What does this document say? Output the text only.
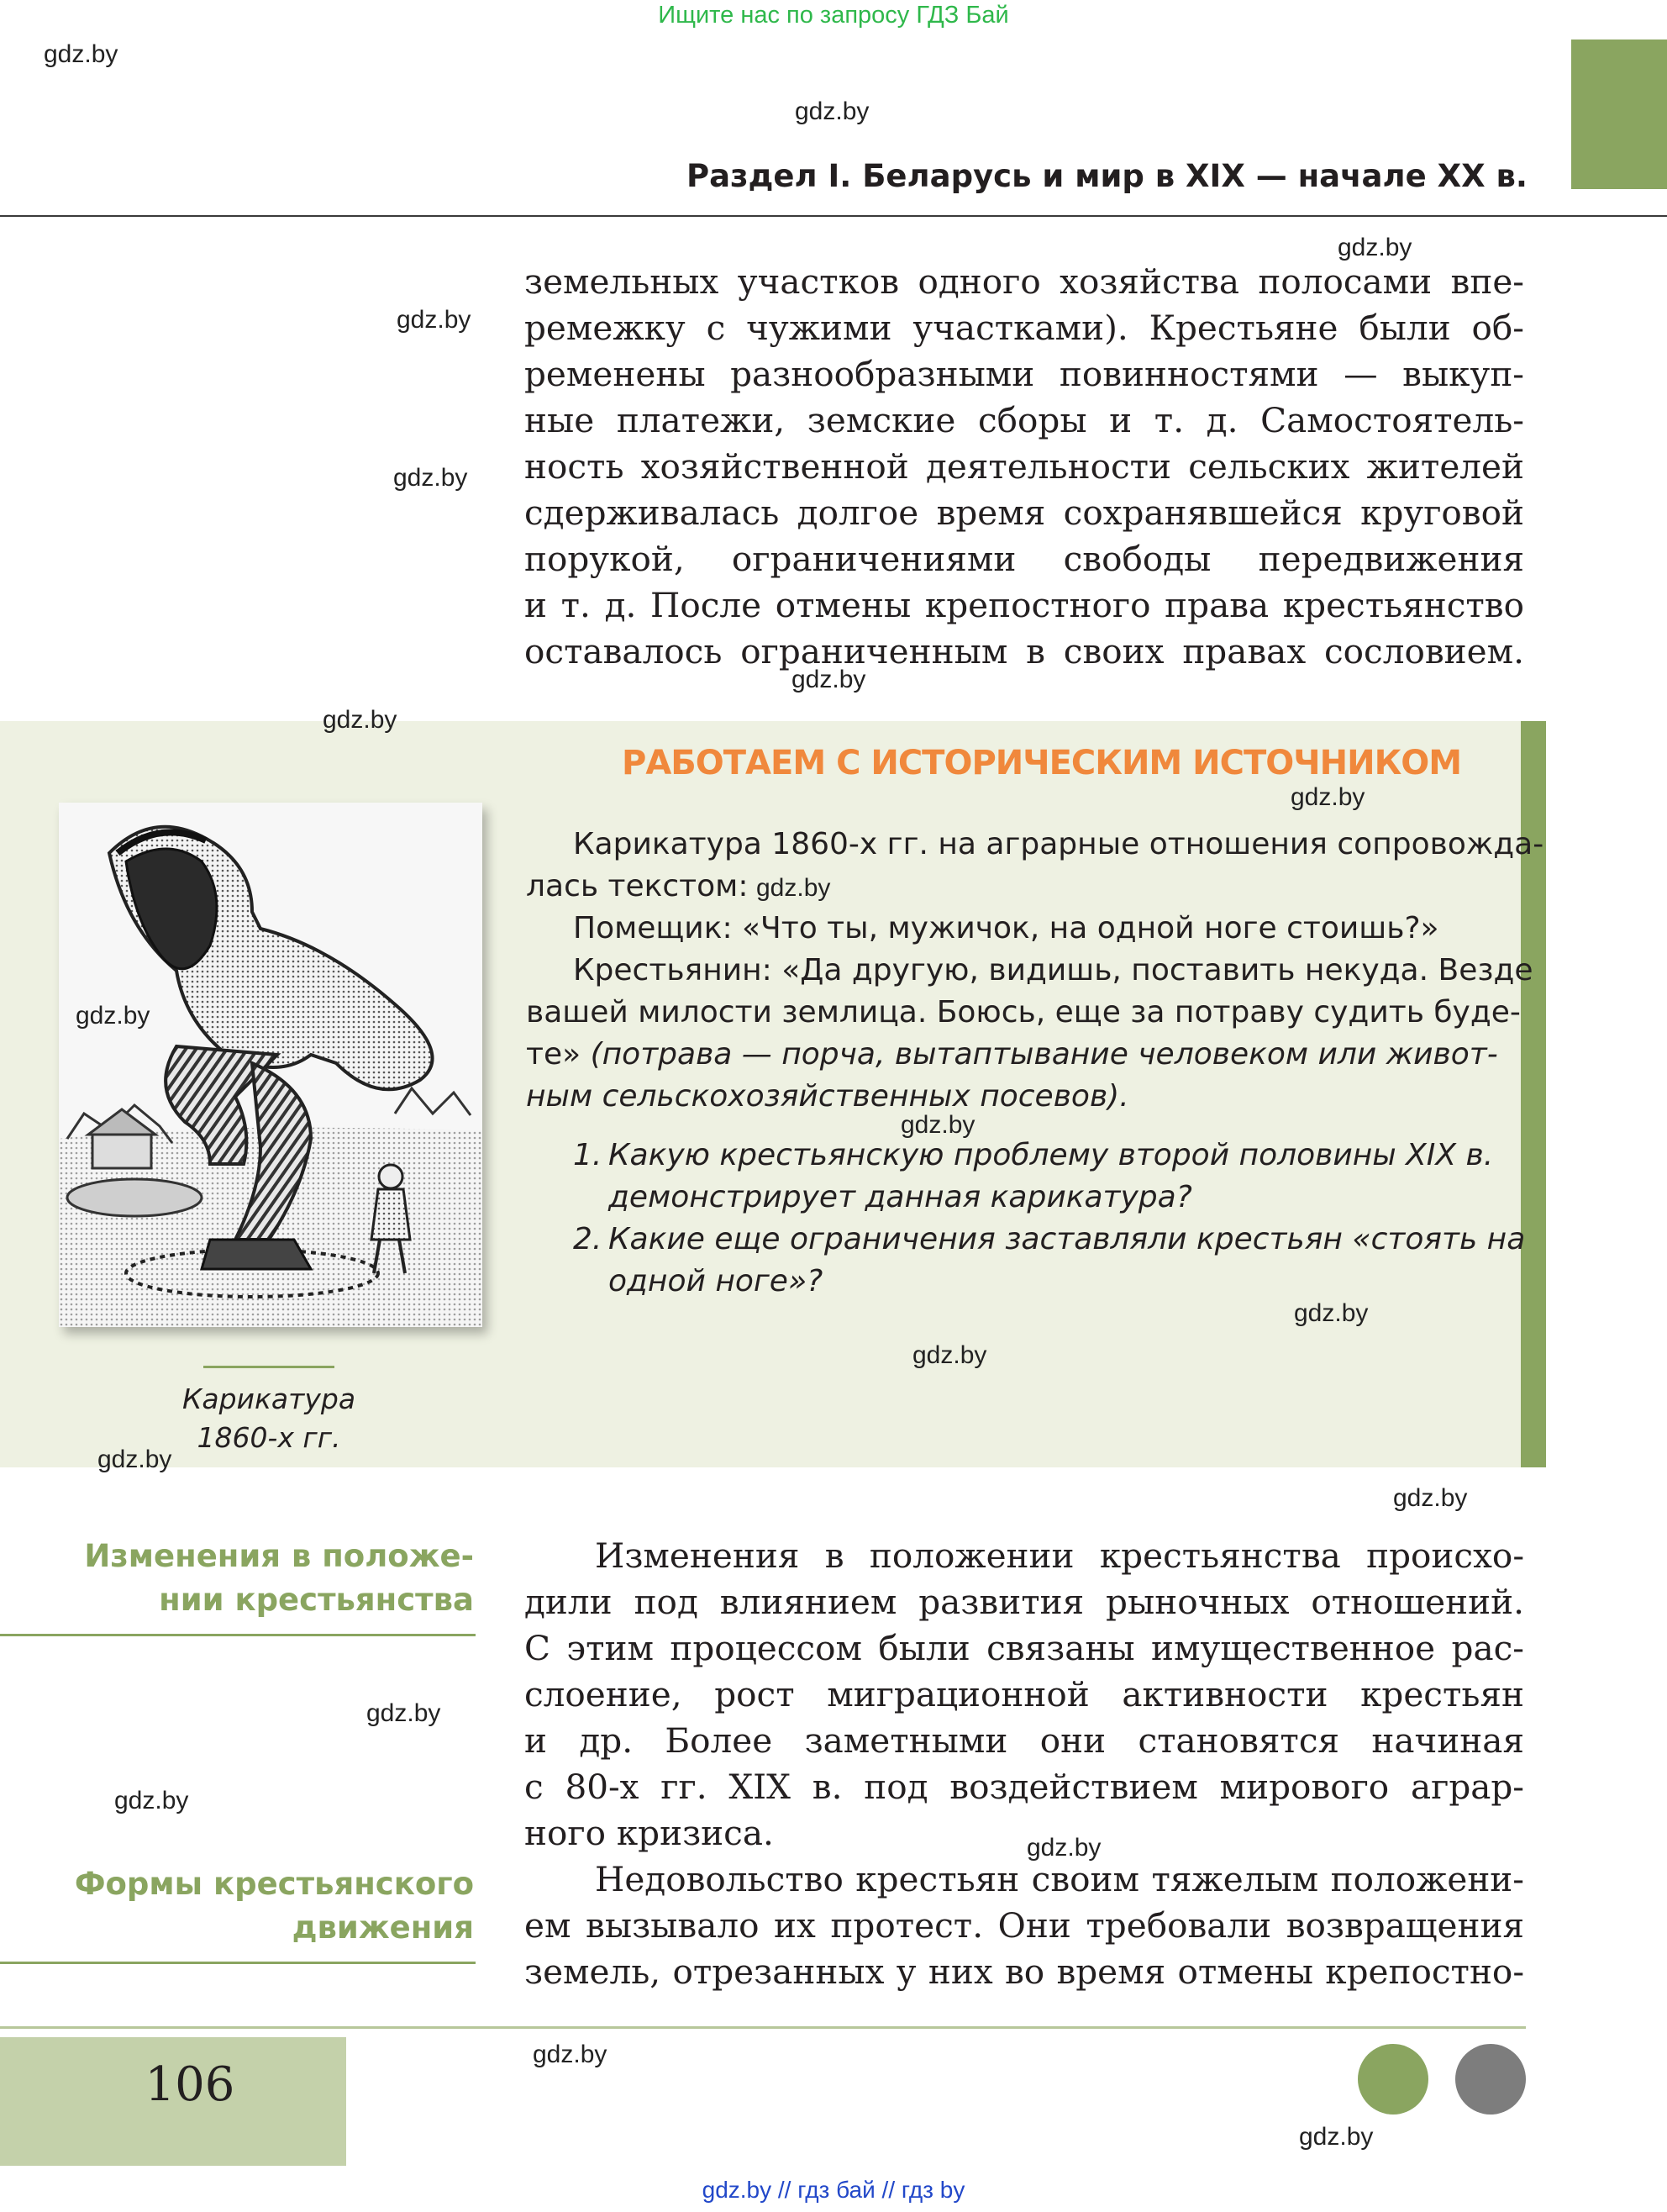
Ищите нас по запросу ГДЗ Бай
gdz.by
gdz.by
Раздел I. Беларусь и мир в XIX — начале XX в.
gdz.by
gdz.by
gdz.by
земельных участков одного хозяйства полосами впе-
ремежку с чужими участками). Крестьяне были об-
ременены разнообразными повинностями — выкуп-
ные платежи, земские сборы и т. д. Самостоятель-
ность хозяйственной деятельности сельских жителей
сдерживалась долгое время сохранявшейся круговой
порукой, ограничениями свободы передвижения
и т. д. После отмены крепостного права крестьянство
оставалось ограниченным в своих правах сословием.
gdz.by
gdz.by
РАБОТАЕМ С ИСТОРИЧЕСКИМ ИСТОЧНИКОМ
gdz.by
gdz.by
Карикатура
1860-х гг.
gdz.by
Карикатура 1860-х гг. на аграрные отношения сопровожда-
лась текстом: gdz.by
Помещик: «Что ты, мужичок, на одной ноге стоишь?»
Крестьянин: «Да другую, видишь, поставить некуда. Везде
вашей милости землица. Боюсь, еще за потраву судить буде-
те» (потрава — порча, вытаптывание человеком или живот-
ным сельскохозяйственных посевов).
gdz.by
1. Какую крестьянскую проблему второй половины XIX в.
демонстрирует данная карикатура?
2. Какие еще ограничения заставляли крестьян «стоять на
одной ноге»?
gdz.by
gdz.by
gdz.by
Изменения в положе-
нии крестьянства
gdz.by
gdz.by
Формы крестьянского
движения
Изменения в положении крестьянства происхо-
дили под влиянием развития рыночных отношений.
С этим процессом были связаны имущественное рас-
слоение, рост миграционной активности крестьян
и др. Более заметными они становятся начиная
с 80-х гг. XIX в. под воздействием мирового аграр-
ного кризиса.
Недовольство крестьян своим тяжелым положени-
ем вызывало их протест. Они требовали возвращения
земель, отрезанных у них во время отмены крепостно-
gdz.by
106
gdz.by
gdz.by
gdz.by // гдз бай // гдз by
